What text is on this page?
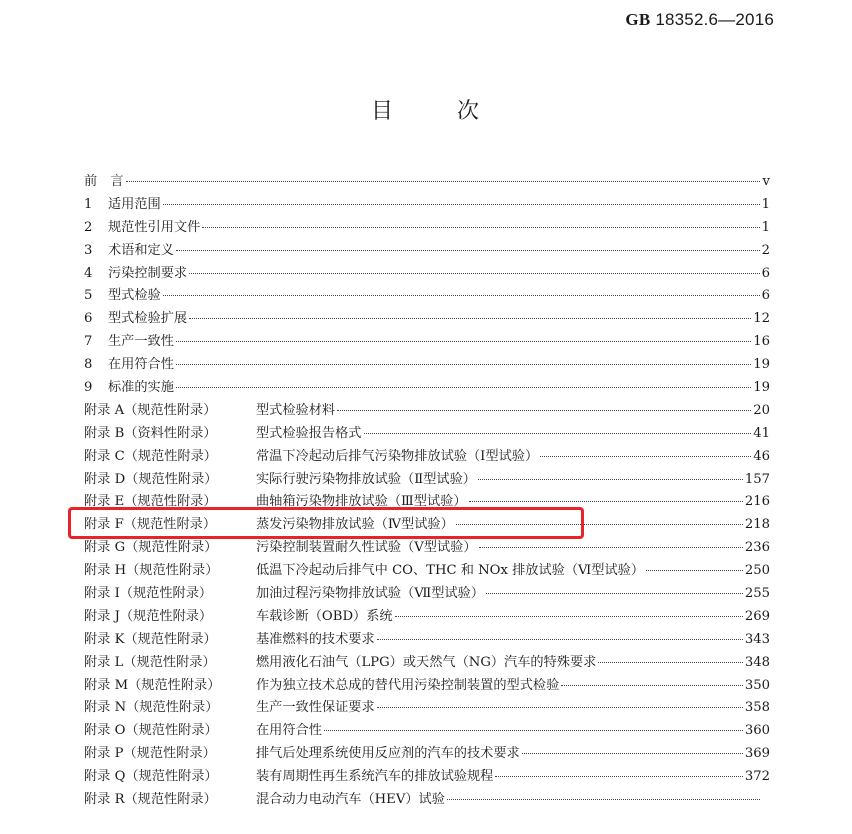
GB 18352.6—2016
目	次
前　言	v
1	适用范围	1
2	规范性引用文件	1
3	术语和定义	2
4	污染控制要求	6
5	型式检验	6
6	型式检验扩展	12
7	生产一致性	16
8	在用符合性	19
9	标准的实施	19
附录 A（规范性附录）	型式检验材料	20
附录 B（资料性附录）	型式检验报告格式	41
附录 C（规范性附录）	常温下冷起动后排气污染物排放试验（Ⅰ型试验）	46
附录 D（规范性附录）	实际行驶污染物排放试验（Ⅱ型试验）	157
附录 E（规范性附录）	曲轴箱污染物排放试验（Ⅲ型试验）	216
附录 F（规范性附录）	蒸发污染物排放试验（Ⅳ型试验）	218
附录 G（规范性附录）	污染控制装置耐久性试验（Ⅴ型试验）	236
附录 H（规范性附录）	低温下冷起动后排气中 CO、THC 和 NOx 排放试验（Ⅵ型试验）	250
附录 I（规范性附录）	加油过程污染物排放试验（Ⅶ型试验）	255
附录 J（规范性附录）	车载诊断（OBD）系统	269
附录 K（规范性附录）	基准燃料的技术要求	343
附录 L（规范性附录）	燃用液化石油气（LPG）或天然气（NG）汽车的特殊要求	348
附录 M（规范性附录）	作为独立技术总成的替代用污染控制装置的型式检验	350
附录 N（规范性附录）	生产一致性保证要求	358
附录 O（规范性附录）	在用符合性	360
附录 P（规范性附录）	排气后处理系统使用反应剂的汽车的技术要求	369
附录 Q（规范性附录）	装有周期性再生系统汽车的排放试验规程	372
附录 R（规范性附录）	混合动力电动汽车（HEV）试验
